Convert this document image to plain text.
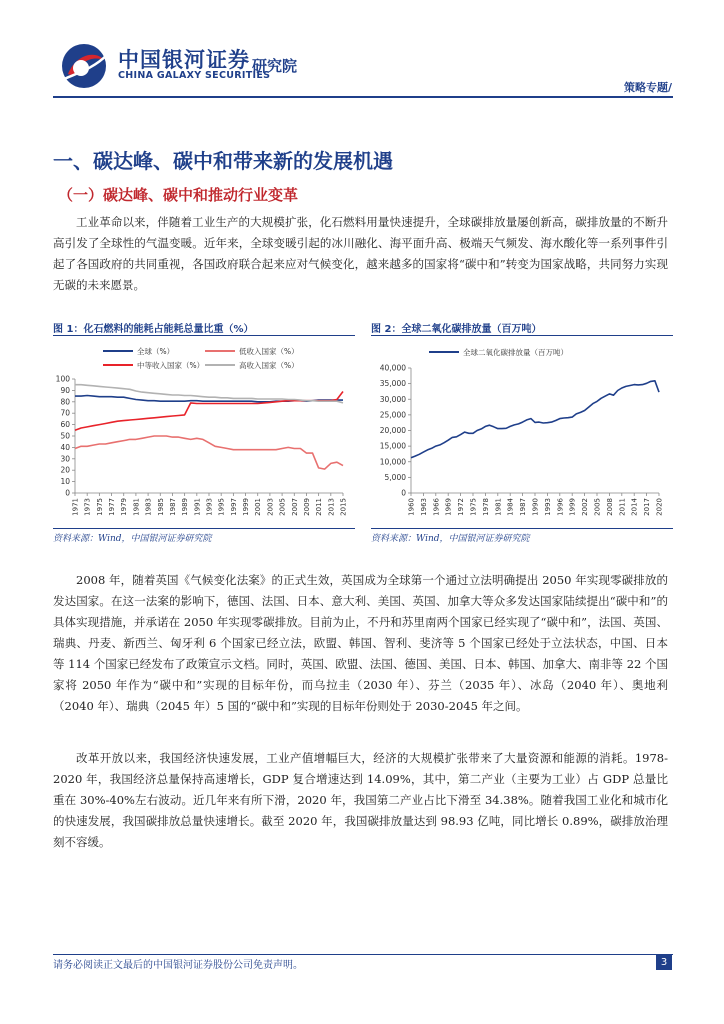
中国银河证券
CHINA GALAXY SECURITIES
研究院
策略专题/
一、碳达峰、碳中和带来新的发展机遇
（一）碳达峰、碳中和推动行业变革

工业革命以来，伴随着工业生产的大规模扩张，化石燃料用量快速提升，全球碳排放量屡创新高，碳排放量的不断升高引发了全球性的气温变暖。近年来，全球变暖引起的冰川融化、海平面升高、极端天气频发、海水酸化等一系列事件引起了各国政府的共同重视，各国政府联合起来应对气候变化，越来越多的国家将“碳中和”转变为国家战略，共同努力实现无碳的未来愿景。

图 1：化石燃料的能耗占能耗总量比重（%）	图 2：全球二氧化碳排放量（百万吨）
全球（%）	低收入国家（%）
中等收入国家（%）	高收入国家（%）
0
10
20
30
40
50
60
70
80
90
100
1971 1973 1975 1977 1979 1981 1983 1985 1987 1989 1991 1993 1995 1997 1999 2001 2003 2005 2007 2009 2011 2013 2015
全球二氧化碳排放量（百万吨）
0
5,000
10,000
15,000
20,000
25,000
30,000
35,000
40,000
1960 1963 1966 1969 1972 1975 1978 1981 1984 1987 1990 1993 1996 1999 2002 2005 2008 2011 2014 2017 2020
资料来源：Wind，中国银河证券研究院	资料来源：Wind，中国银河证券研究院

2008 年，随着英国《气候变化法案》的正式生效，英国成为全球第一个通过立法明确提出 2050 年实现零碳排放的发达国家。在这一法案的影响下，德国、法国、日本、意大利、美国、英国、加拿大等众多发达国家陆续提出“碳中和”的具体实现措施，并承诺在 2050 年实现零碳排放。目前为止，不丹和苏里南两个国家已经实现了“碳中和”，法国、英国、瑞典、丹麦、新西兰、匈牙利 6 个国家已经立法，欧盟、韩国、智利、斐济等 5 个国家已经处于立法状态，中国、日本等 114 个国家已经发布了政策宣示文档。同时，英国、欧盟、法国、德国、美国、日本、韩国、加拿大、南非等 22 个国家将 2050 年作为“碳中和”实现的目标年份，而乌拉圭（2030 年）、芬兰（2035 年）、冰岛（2040 年）、奥地利（2040 年）、瑞典（2045 年）5 国的“碳中和”实现的目标年份则处于 2030-2045 年之间。

改革开放以来，我国经济快速发展，工业产值增幅巨大，经济的大规模扩张带来了大量资源和能源的消耗。1978-2020 年，我国经济总量保持高速增长，GDP 复合增速达到 14.09%，其中，第二产业（主要为工业）占 GDP 总量比重在 30%-40%左右波动。近几年来有所下滑，2020 年，我国第二产业占比下滑至 34.38%。随着我国工业化和城市化的快速发展，我国碳排放总量快速增长。截至 2020 年，我国碳排放量达到 98.93 亿吨，同比增长 0.89%，碳排放治理刻不容缓。

请务必阅读正文最后的中国银河证券股份公司免责声明。	3
